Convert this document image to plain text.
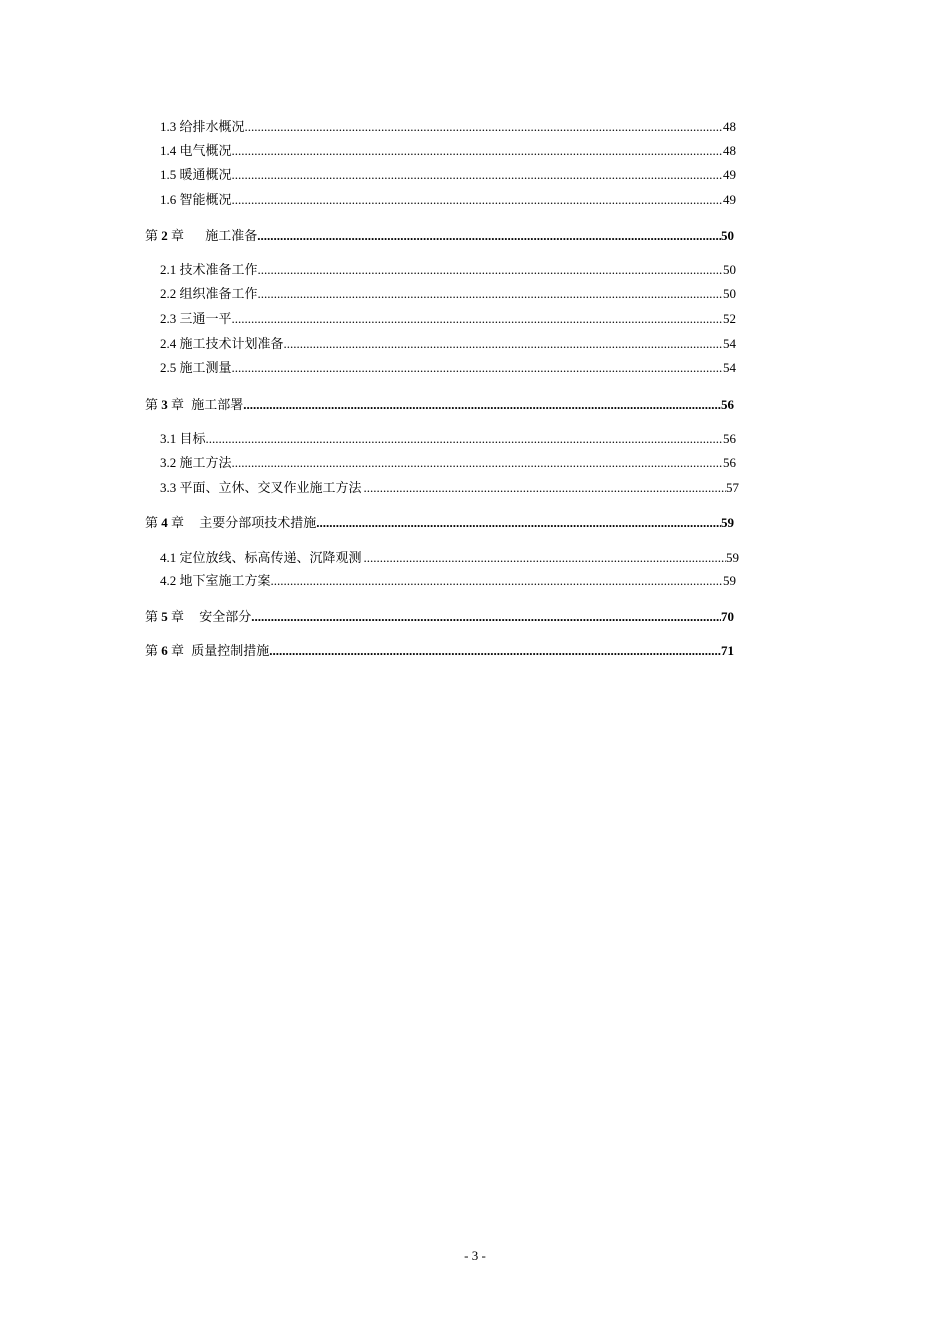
1.3 给排水概况 .....	48
1.4 电气概况 .....	48
1.5 暖通概况 .....	49
1.6 智能概况 .....	49
第 2 章 施工准备 .....	50
2.1 技术准备工作 .....	50
2.2 组织准备工作 .....	50
2.3 三通一平 .....	52
2.4 施工技术计划准备 .....	54
2.5 施工测量 .....	54
第 3 章 施工部署 .....	56
3.1 目标 .....	56
3.2 施工方法 .....	56
3.3 平面、立休、交叉作业施工方法 .....	57
第 4 章 主要分部项技术措施 .....	59
4.1 定位放线、标高传递、沉降观测 .....	59
4.2 地下室施工方案 .....	59
第 5 章 安全部分 .....	70
第 6 章 质量控制措施 .....	71
- 3 -
